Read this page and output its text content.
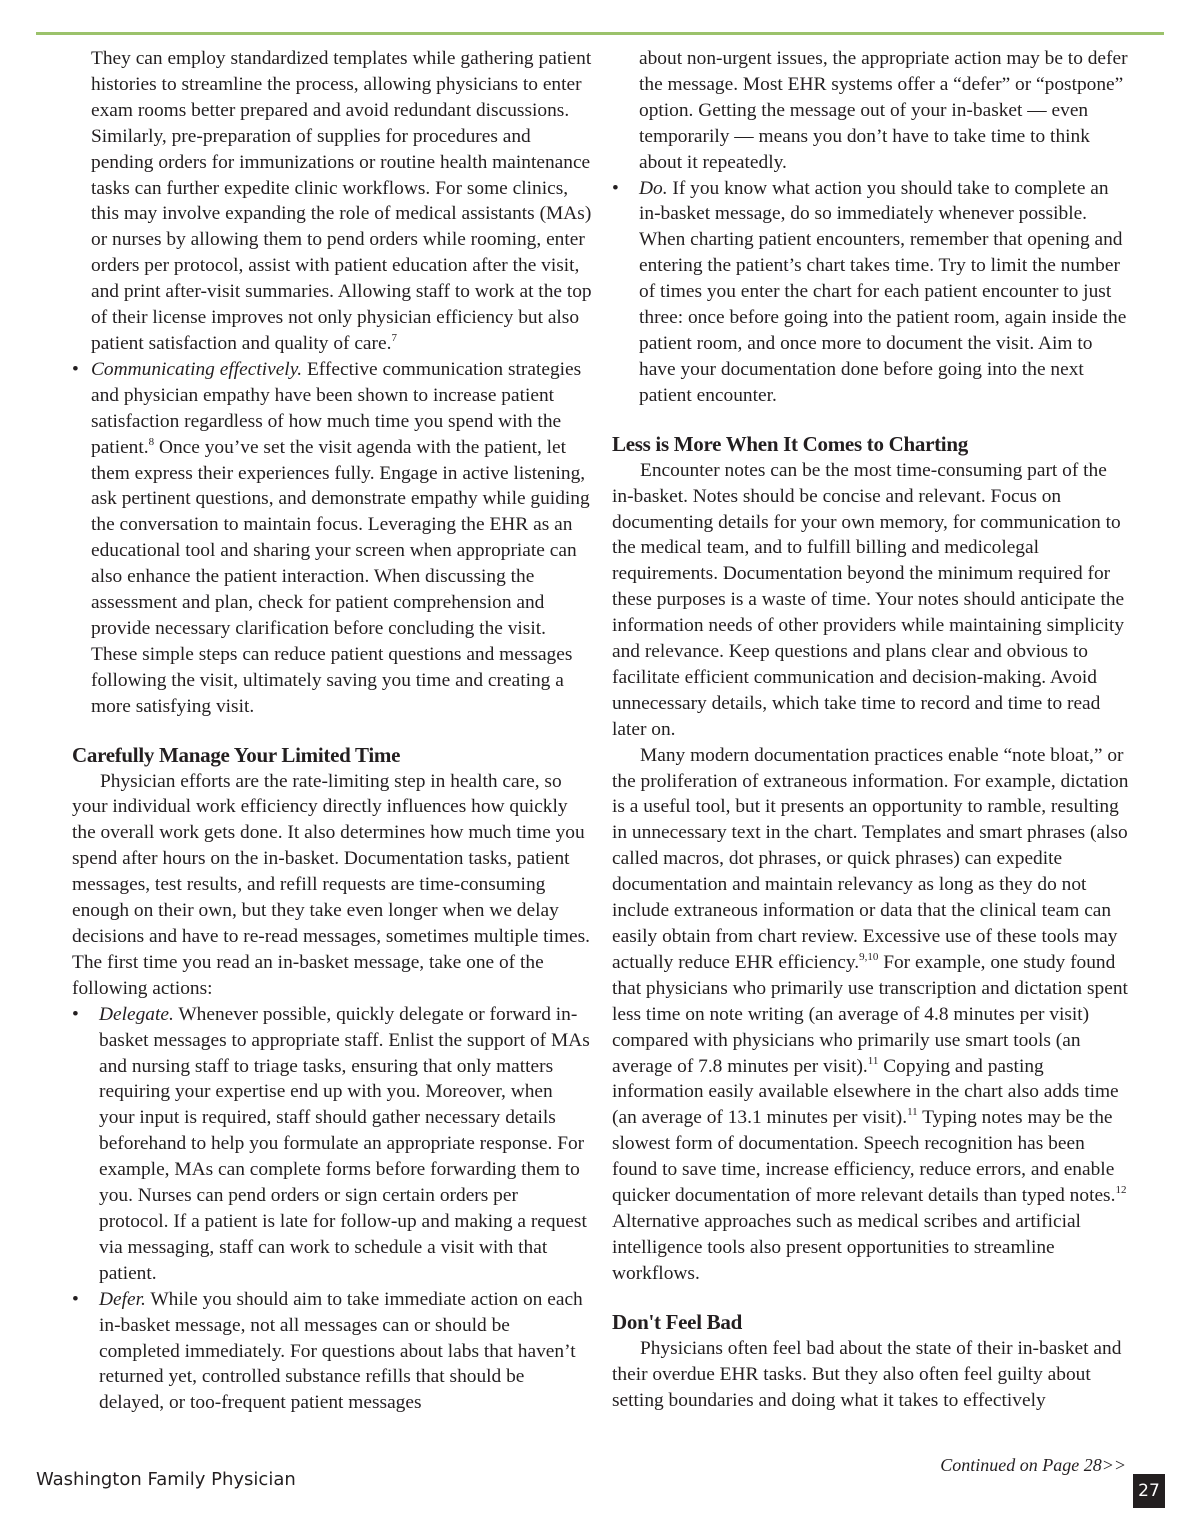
They can employ standardized templates while gathering patient histories to streamline the process, allowing physicians to enter exam rooms better prepared and avoid redundant discussions. Similarly, pre-preparation of supplies for procedures and pending orders for immunizations or routine health maintenance tasks can further expedite clinic workflows. For some clinics, this may involve expanding the role of medical assistants (MAs) or nurses by allowing them to pend orders while rooming, enter orders per protocol, assist with patient education after the visit, and print after-visit summaries. Allowing staff to work at the top of their license improves not only physician efficiency but also patient satisfaction and quality of care.$^7$

• Communicating effectively. Effective communication strategies and physician empathy have been shown to increase patient satisfaction regardless of how much time you spend with the patient.$^8$ Once you’ve set the visit agenda with the patient, let them express their experiences fully. Engage in active listening, ask pertinent questions, and demonstrate empathy while guiding the conversation to maintain focus. Leveraging the EHR as an educational tool and sharing your screen when appropriate can also enhance the patient interaction. When discussing the assessment and plan, check for patient comprehension and provide necessary clarification before concluding the visit. These simple steps can reduce patient questions and messages following the visit, ultimately saving you time and creating a more satisfying visit.

Carefully Manage Your Limited Time

Physician efforts are the rate-limiting step in health care, so your individual work efficiency directly influences how quickly the overall work gets done. It also determines how much time you spend after hours on the in-basket. Documentation tasks, patient messages, test results, and refill requests are time-consuming enough on their own, but they take even longer when we delay decisions and have to re-read messages, sometimes multiple times. The first time you read an in-basket message, take one of the following actions:

• Delegate. Whenever possible, quickly delegate or forward in-basket messages to appropriate staff. Enlist the support of MAs and nursing staff to triage tasks, ensuring that only matters requiring your expertise end up with you. Moreover, when your input is required, staff should gather necessary details beforehand to help you formulate an appropriate response. For example, MAs can complete forms before forwarding them to you. Nurses can pend orders or sign certain orders per protocol. If a patient is late for follow-up and making a request via messaging, staff can work to schedule a visit with that patient.

• Defer. While you should aim to take immediate action on each in-basket message, not all messages can or should be completed immediately. For questions about labs that haven’t returned yet, controlled substance refills that should be delayed, or too-frequent patient messages

about non-urgent issues, the appropriate action may be to defer the message. Most EHR systems offer a “defer” or “postpone” option. Getting the message out of your in-basket — even temporarily — means you don’t have to take time to think about it repeatedly.

• Do. If you know what action you should take to complete an in-basket message, do so immediately whenever possible. When charting patient encounters, remember that opening and entering the patient’s chart takes time. Try to limit the number of times you enter the chart for each patient encounter to just three: once before going into the patient room, again inside the patient room, and once more to document the visit. Aim to have your documentation done before going into the next patient encounter.

Less is More When It Comes to Charting

Encounter notes can be the most time-consuming part of the in-basket. Notes should be concise and relevant. Focus on documenting details for your own memory, for communication to the medical team, and to fulfill billing and medicolegal requirements. Documentation beyond the minimum required for these purposes is a waste of time. Your notes should anticipate the information needs of other providers while maintaining simplicity and relevance. Keep questions and plans clear and obvious to facilitate efficient communication and decision-making. Avoid unnecessary details, which take time to record and time to read later on.

Many modern documentation practices enable “note bloat,” or the proliferation of extraneous information. For example, dictation is a useful tool, but it presents an opportunity to ramble, resulting in unnecessary text in the chart. Templates and smart phrases (also called macros, dot phrases, or quick phrases) can expedite documentation and maintain relevancy as long as they do not include extraneous information or data that the clinical team can easily obtain from chart review. Excessive use of these tools may actually reduce EHR efficiency.$^{9,10}$ For example, one study found that physicians who primarily use transcription and dictation spent less time on note writing (an average of 4.8 minutes per visit) compared with physicians who primarily use smart tools (an average of 7.8 minutes per visit).$^{11}$ Copying and pasting information easily available elsewhere in the chart also adds time (an average of 13.1 minutes per visit).$^{11}$ Typing notes may be the slowest form of documentation. Speech recognition has been found to save time, increase efficiency, reduce errors, and enable quicker documentation of more relevant details than typed notes.$^{12}$ Alternative approaches such as medical scribes and artificial intelligence tools also present opportunities to streamline workflows.

Don't Feel Bad

Physicians often feel bad about the state of their in-basket and their overdue EHR tasks. But they also often feel guilty about setting boundaries and doing what it takes to effectively

Continued on Page 28>>
Washington Family Physician
27
